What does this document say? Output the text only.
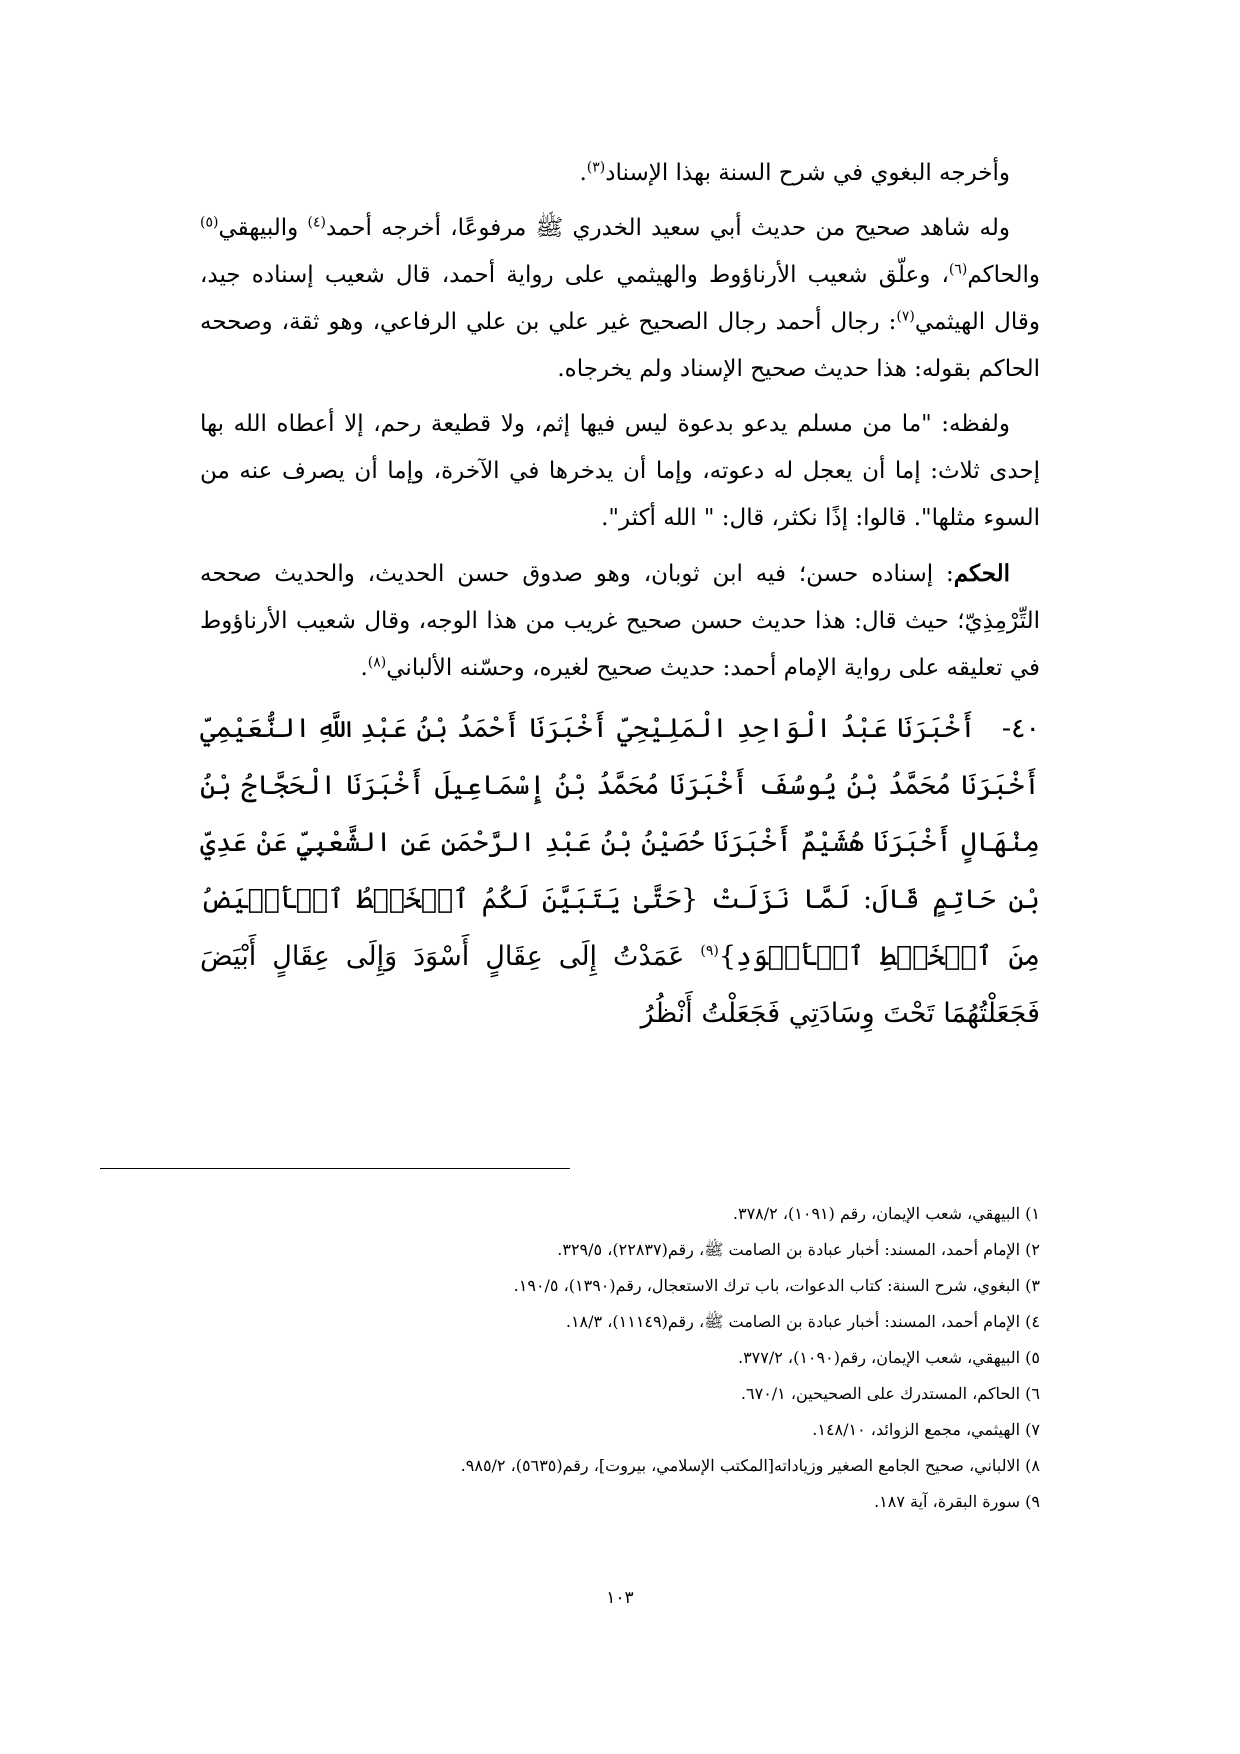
وأخرجه البغوي في شرح السنة بهذا الإسناد$^{(٣)}$.

وله شاهد صحيح من حديث أبي سعيد الخدري ﷺ مرفوعًا، أخرجه أحمد$^{(٤)}$ والبيهقي$^{(٥)}$ والحاكم$^{(٦)}$، وعلّق شعيب الأرناؤوط والهيثمي على رواية أحمد، قال شعيب إسناده جيد، وقال الهيثمي$^{(٧)}$: رجال أحمد رجال الصحيح غير علي بن علي الرفاعي، وهو ثقة، وصححه الحاكم بقوله: هذا حديث صحيح الإسناد ولم يخرجاه.

ولفظه: "ما من مسلم يدعو بدعوة ليس فيها إثم، ولا قطيعة رحم، إلا أعطاه الله بها إحدى ثلاث: إما أن يعجل له دعوته، وإما أن يدخرها في الآخرة، وإما أن يصرف عنه من السوء مثلها". قالوا: إذًا نكثر، قال: " الله أكثر".

الحكم: إسناده حسن؛ فيه ابن ثوبان، وهو صدوق حسن الحديث، والحديث صححه التِّرْمِذِيّ؛ حيث قال: هذا حديث حسن صحيح غريب من هذا الوجه، وقال شعيب الأرناؤوط في تعليقه على رواية الإمام أحمد: حديث صحيح لغيره، وحسّنه الألباني$^{(٨)}$.

٤٠-أَخْبَرَنَا عَبْدُ الْوَاحِدِ الْمَلِيْحِيّ أَخْبَرَنَا أَحْمَدُ بْنُ عَبْدِ اللَّهِ النُّعَيْمِيّ أَخْبَرَنَا مُحَمَّدُ بْنُ يُوسُفَ أَخْبَرَنَا مُحَمَّدُ بْنُ إِسْمَاعِيلَ أَخْبَرَنَا الْحَجَّاجُ بْنُ مِنْهَالٍ أَخْبَرَنَا هُشَيْمٌ أَخْبَرَنَا حُصَيْنُ بْنُ عَبْدِ الرَّحْمَنِ عَنِ الشَّعْبِيِّ عَنْ عَدِيِّ بْنِ حَاتِمٍ قَالَ: لَمَّا نَزَلَتْ {حَتَّىٰ يَتَبَيَّنَ لَكُمُ ٱلۡخَيۡطُ ٱلۡأَبۡيَضُ مِنَ ٱلۡخَيۡطِ ٱلۡأَسۡوَدِ}$^{(٩)}$ عَمَدْتُ إِلَى عِقَالٍ أَسْوَدَ وَإِلَى عِقَالٍ أَبْيَضَ فَجَعَلْتُهُمَا تَحْتَ وِسَادَتِي فَجَعَلْتُ أَنْظُرُ

١) البيهقي، شعب الإيمان، رقم (١٠٩١)، ٣٧٨/٢.

٢) الإمام أحمد، المسند: أخبار عبادة بن الصامت ﷺ، رقم(٢٢٨٣٧)، ٣٢٩/٥.

٣) البغوي، شرح السنة: كتاب الدعوات، باب ترك الاستعجال، رقم(١٣٩٠)، ١٩٠/٥.

٤) الإمام أحمد، المسند: أخبار عبادة بن الصامت ﷺ، رقم(١١١٤٩)، ١٨/٣.

٥) البيهقي، شعب الإيمان، رقم(١٠٩٠)، ٣٧٧/٢.

٦) الحاكم، المستدرك على الصحيحين، ٦٧٠/١.

٧) الهيثمي، مجمع الزوائد، ١٤٨/١٠.

٨) الالباني، صحيح الجامع الصغير وزياداته[المكتب الإسلامي، بيروت]، رقم(٥٦٣٥)، ٩٨٥/٢.

٩) سورة البقرة، آية ١٨٧.

١٠٣
